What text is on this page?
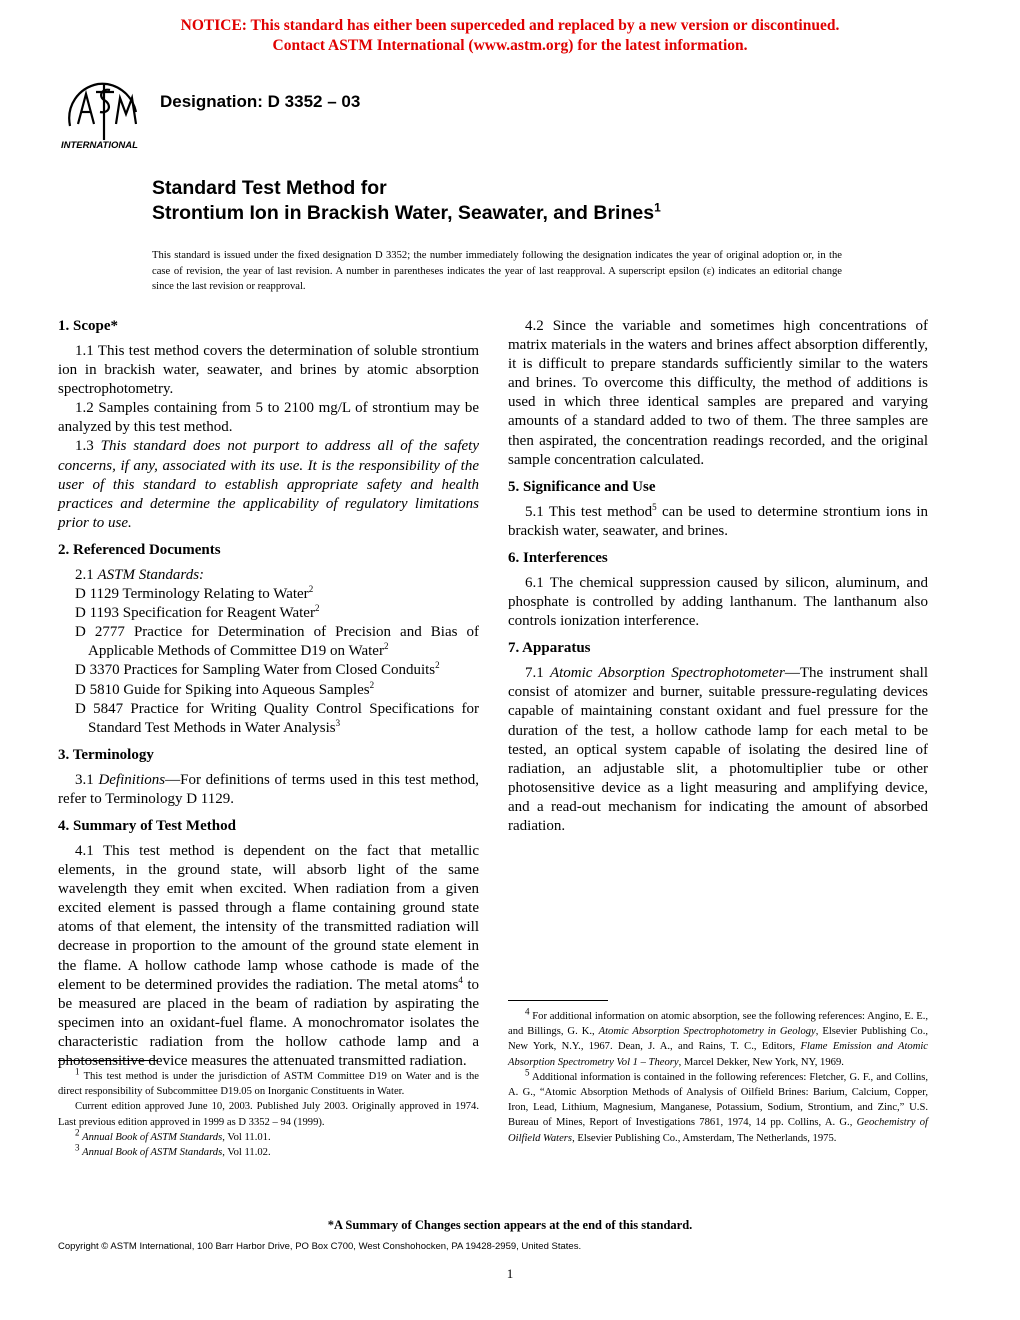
NOTICE: This standard has either been superceded and replaced by a new version or discontinued.
Contact ASTM International (www.astm.org) for the latest information.
INTERNATIONAL
Designation: D 3352 – 03
Standard Test Method for
Strontium Ion in Brackish Water, Seawater, and Brines$^1$
This standard is issued under the fixed designation D 3352; the number immediately following the designation indicates the year of original adoption or, in the case of revision, the year of last revision. A number in parentheses indicates the year of last reapproval. A superscript epsilon (ε) indicates an editorial change since the last revision or reapproval.
1. Scope*

1.1 This test method covers the determination of soluble strontium ion in brackish water, seawater, and brines by atomic absorption spectrophotometry.

1.2 Samples containing from 5 to 2100 mg/L of strontium may be analyzed by this test method.

1.3 This standard does not purport to address all of the safety concerns, if any, associated with its use. It is the responsibility of the user of this standard to establish appropriate safety and health practices and determine the applicability of regulatory limitations prior to use.

2. Referenced Documents
2.1 ASTM Standards:
D 1129 Terminology Relating to Water$^2$
D 1193 Specification for Reagent Water$^2$
D 2777 Practice for Determination of Precision and Bias of Applicable Methods of Committee D19 on Water$^2$
D 3370 Practices for Sampling Water from Closed Conduits$^2$
D 5810 Guide for Spiking into Aqueous Samples$^2$
D 5847 Practice for Writing Quality Control Specifications for Standard Test Methods in Water Analysis$^3$
3. Terminology

3.1 Definitions—For definitions of terms used in this test method, refer to Terminology D 1129.

4. Summary of Test Method

4.1 This test method is dependent on the fact that metallic elements, in the ground state, will absorb light of the same wavelength they emit when excited. When radiation from a given excited element is passed through a flame containing ground state atoms of that element, the intensity of the transmitted radiation will decrease in proportion to the amount of the ground state element in the flame. A hollow cathode lamp whose cathode is made of the element to be determined provides the radiation. The metal atoms$^4$ to be measured are placed in the beam of radiation by aspirating the specimen into an oxidant-fuel flame. A monochromator isolates the characteristic radiation from the hollow cathode lamp and a photosensitive device measures the attenuated transmitted radiation.

4.2 Since the variable and sometimes high concentrations of matrix materials in the waters and brines affect absorption differently, it is difficult to prepare standards sufficiently similar to the waters and brines. To overcome this difficulty, the method of additions is used in which three identical samples are prepared and varying amounts of a standard added to two of them. The three samples are then aspirated, the concentration readings recorded, and the original sample concentration calculated.

5. Significance and Use

5.1 This test method$^5$ can be used to determine strontium ions in brackish water, seawater, and brines.

6. Interferences

6.1 The chemical suppression caused by silicon, aluminum, and phosphate is controlled by adding lanthanum. The lanthanum also controls ionization interference.

7. Apparatus

7.1 Atomic Absorption Spectrophotometer—The instrument shall consist of atomizer and burner, suitable pressure-regulating devices capable of maintaining constant oxidant and fuel pressure for the duration of the test, a hollow cathode lamp for each metal to be tested, an optical system capable of isolating the desired line of radiation, an adjustable slit, a photomultiplier tube or other photosensitive device as a light measuring and amplifying device, and a read-out mechanism for indicating the amount of absorbed radiation.

$^1$ This test method is under the jurisdiction of ASTM Committee D19 on Water and is the direct responsibility of Subcommittee D19.05 on Inorganic Constituents in Water.

Current edition approved June 10, 2003. Published July 2003. Originally approved in 1974. Last previous edition approved in 1999 as D 3352 – 94 (1999).

$^2$ Annual Book of ASTM Standards, Vol 11.01.

$^3$ Annual Book of ASTM Standards, Vol 11.02.

$^4$ For additional information on atomic absorption, see the following references: Angino, E. E., and Billings, G. K., Atomic Absorption Spectrophotometry in Geology, Elsevier Publishing Co., New York, N.Y., 1967. Dean, J. A., and Rains, T. C., Editors, Flame Emission and Atomic Absorption Spectrometry Vol 1 – Theory, Marcel Dekker, New York, NY, 1969.

$^5$ Additional information is contained in the following references: Fletcher, G. F., and Collins, A. G., “Atomic Absorption Methods of Analysis of Oilfield Brines: Barium, Calcium, Copper, Iron, Lead, Lithium, Magnesium, Manganese, Potassium, Sodium, Strontium, and Zinc,” U.S. Bureau of Mines, Report of Investigations 7861, 1974, 14 pp. Collins, A. G., Geochemistry of Oilfield Waters, Elsevier Publishing Co., Amsterdam, The Netherlands, 1975.

*A Summary of Changes section appears at the end of this standard.
Copyright © ASTM International, 100 Barr Harbor Drive, PO Box C700, West Conshohocken, PA 19428-2959, United States.
1
